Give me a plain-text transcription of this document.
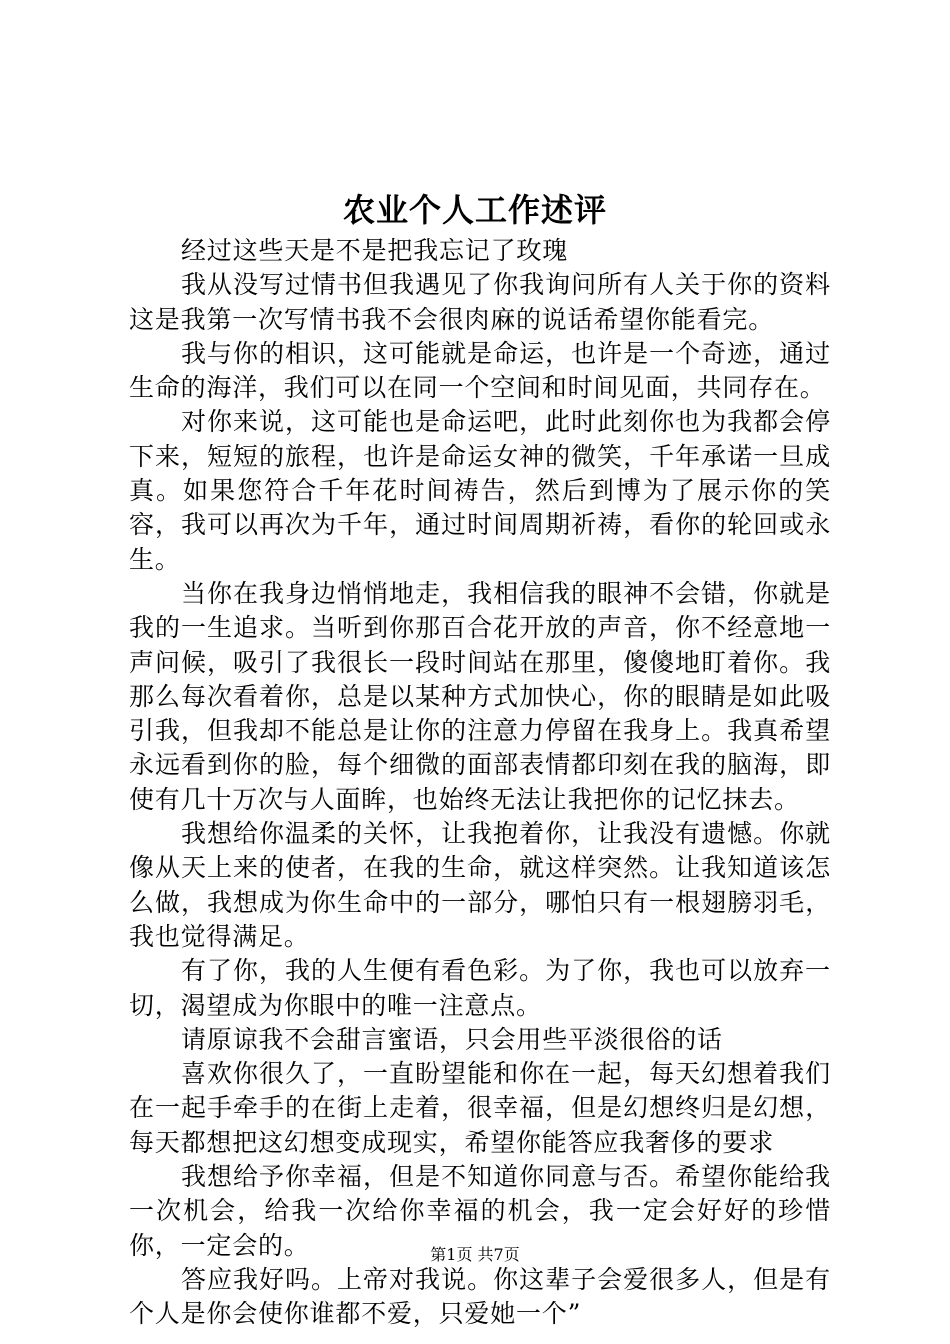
农业个人工作述评

经过这些天是不是把我忘记了玫瑰

我从没写过情书但我遇见了你我询问所有人关于你的资料这是我第一次写情书我不会很肉麻的说话希望你能看完。

我与你的相识，这可能就是命运，也许是一个奇迹，通过生命的海洋，我们可以在同一个空间和时间见面，共同存在。

对你来说，这可能也是命运吧，此时此刻你也为我都会停下来，短短的旅程，也许是命运女神的微笑，千年承诺一旦成真。如果您符合千年花时间祷告，然后到博为了展示你的笑容，我可以再次为千年，通过时间周期祈祷，看你的轮回或永生。

当你在我身边悄悄地走，我相信我的眼神不会错，你就是我的一生追求。当听到你那百合花开放的声音，你不经意地一声问候，吸引了我很长一段时间站在那里，傻傻地盯着你。我那么每次看着你，总是以某种方式加快心，你的眼睛是如此吸引我，但我却不能总是让你的注意力停留在我身上。我真希望永远看到你的脸，每个细微的面部表情都印刻在我的脑海，即使有几十万次与人面眸，也始终无法让我把你的记忆抹去。

我想给你温柔的关怀，让我抱着你，让我没有遗憾。你就像从天上来的使者，在我的生命，就这样突然。让我知道该怎么做，我想成为你生命中的一部分，哪怕只有一根翅膀羽毛，我也觉得满足。

有了你，我的人生便有看色彩。为了你，我也可以放弃一切，渴望成为你眼中的唯一注意点。

请原谅我不会甜言蜜语，只会用些平淡很俗的话

喜欢你很久了，一直盼望能和你在一起，每天幻想着我们在一起手牵手的在街上走着，很幸福，但是幻想终归是幻想，每天都想把这幻想变成现实，希望你能答应我奢侈的要求

我想给予你幸福，但是不知道你同意与否。希望你能给我一次机会，给我一次给你幸福的机会，我一定会好好的珍惜你，一定会的。

答应我好吗。上帝对我说。你这辈子会爱很多人，但是有个人是你会使你谁都不爱，只爱她一个”

第1页 共7页
